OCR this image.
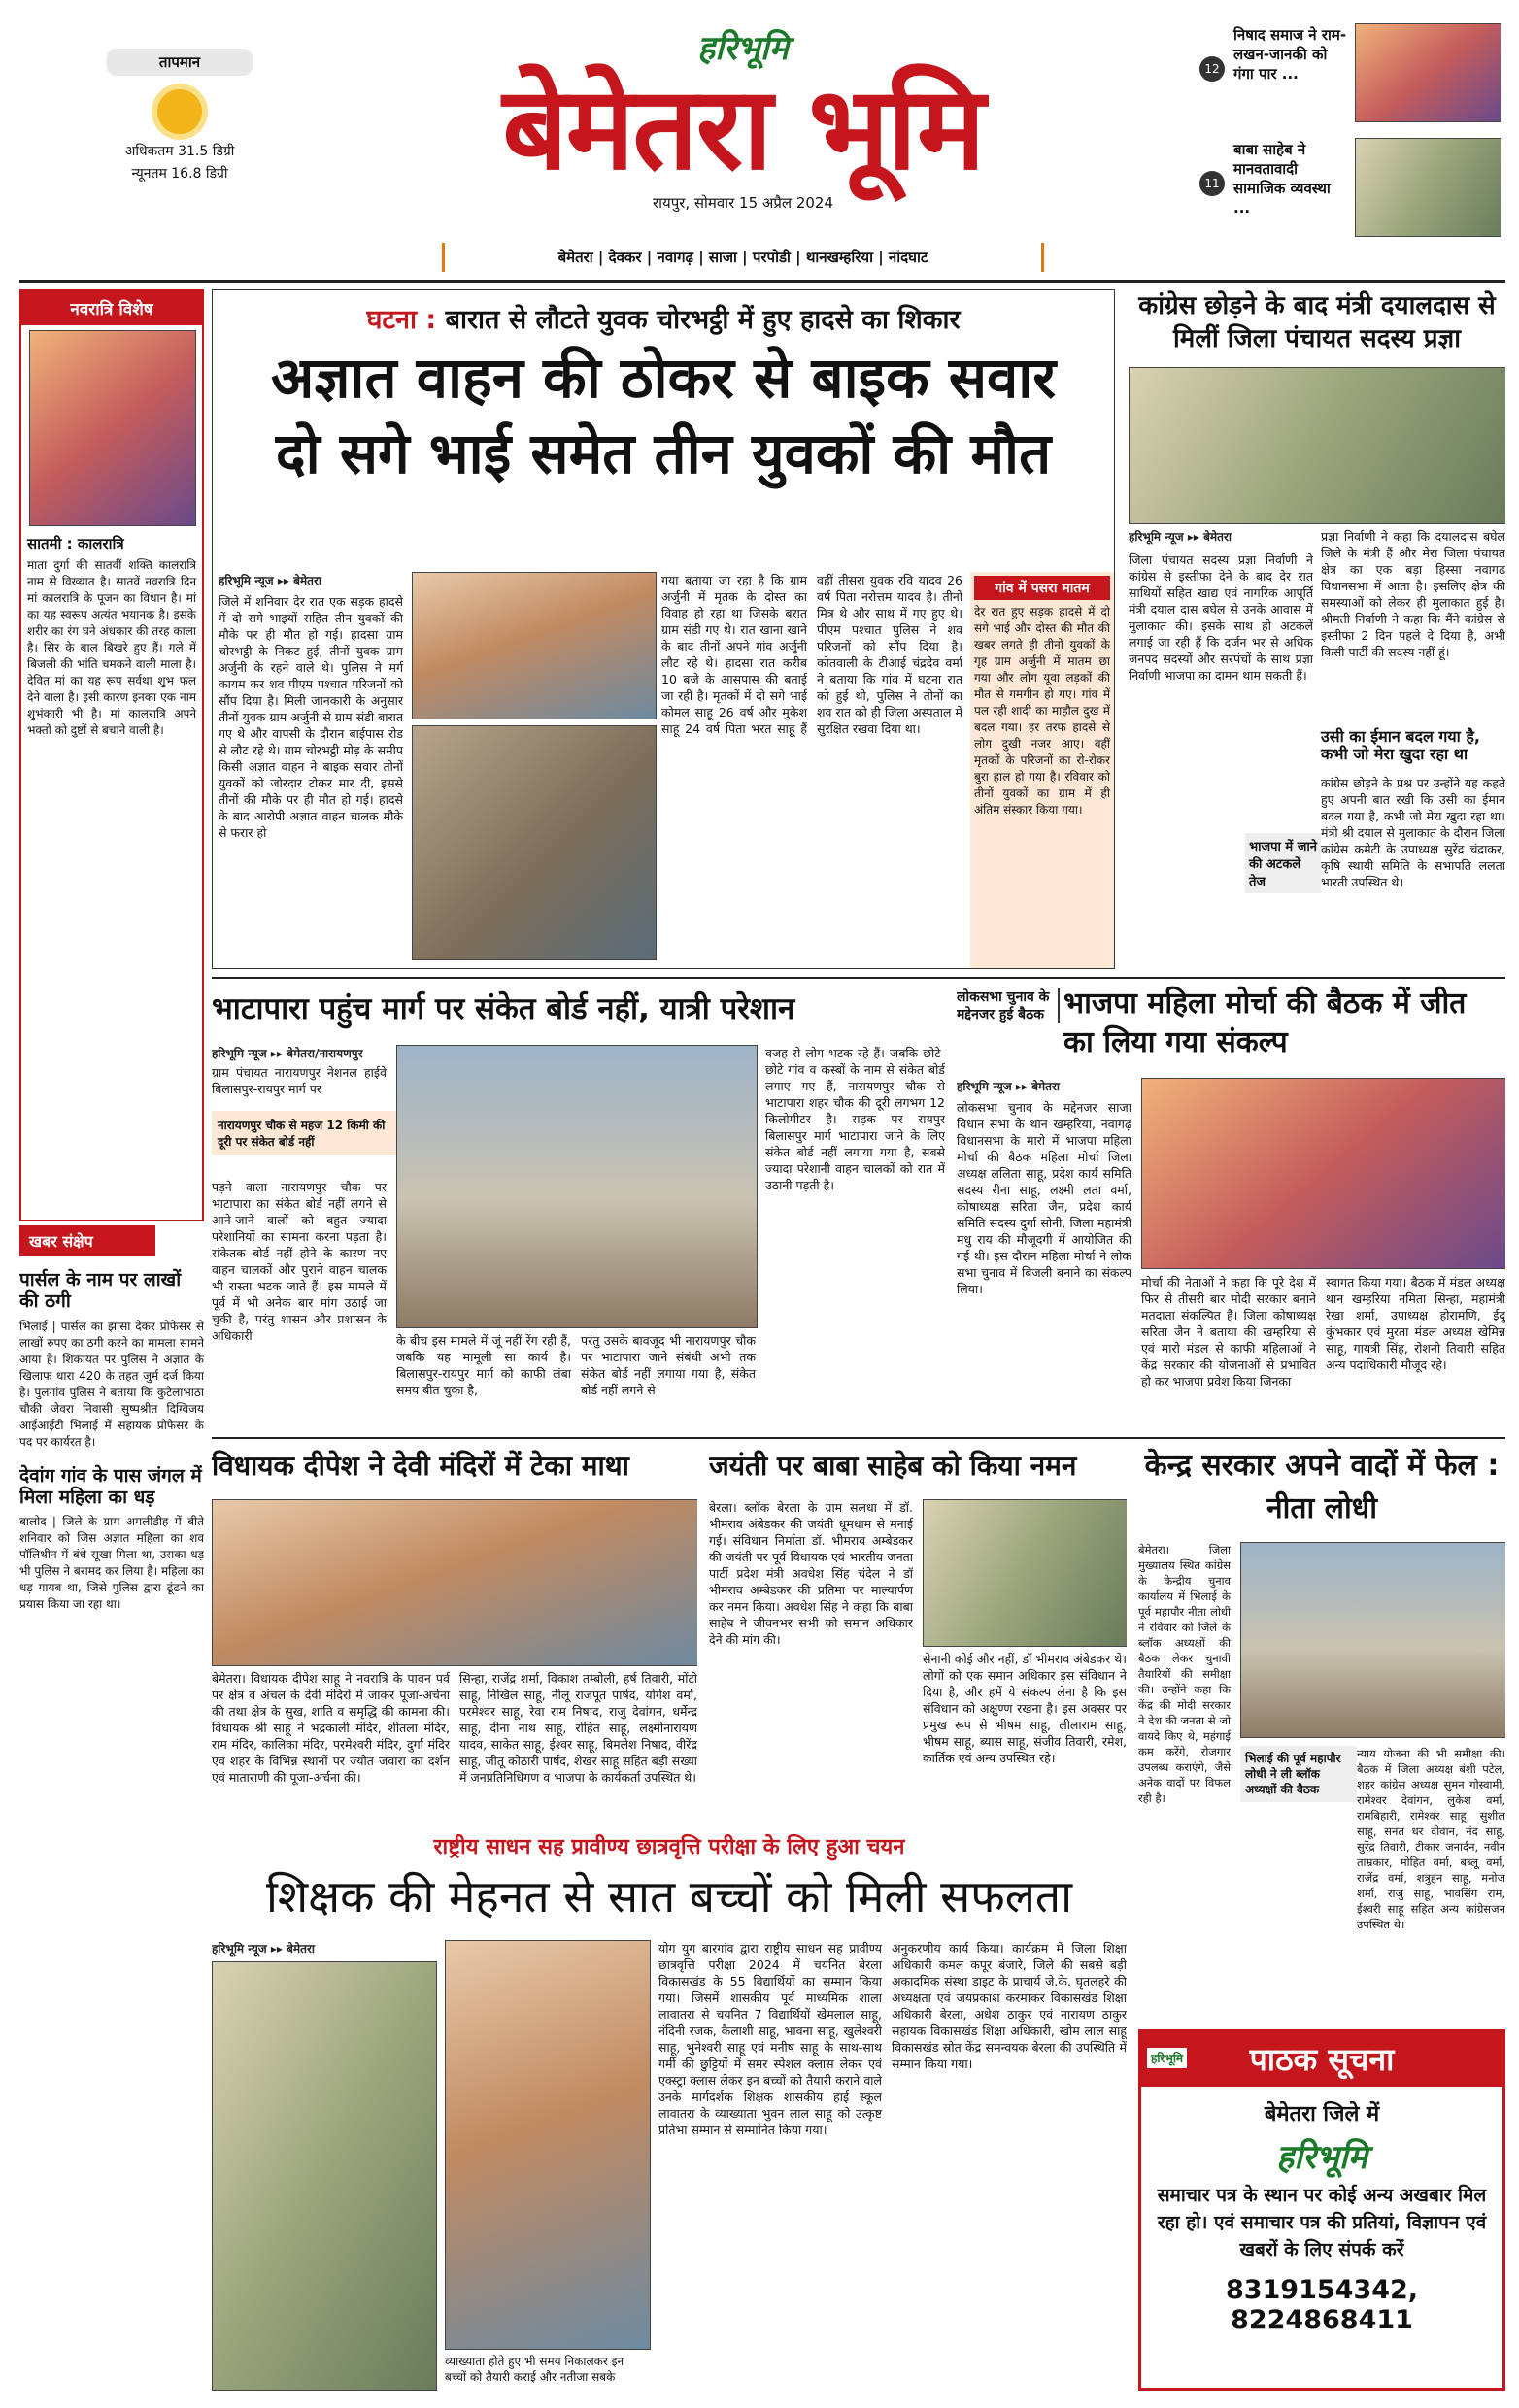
तापमान
अधिकतम 31.5 डिग्री
न्यूनतम 16.8 डिग्री
हरिभूमि
बेमेतरा भूमि
रायपुर, सोमवार 15 अप्रैल 2024
12
निषाद समाज ने राम-लखन-जानकी को गंगा पार ...
11
बाबा साहेब ने मानवतावादी सामाजिक व्यवस्था ...
बेमेतरा | देवकर | नवागढ़ | साजा | परपोडी | थानखम्हरिया | नांदघाट
नवरात्रि विशेष
सातमी : कालरात्रि
माता दुर्गा की सातवीं शक्ति कालरात्रि नाम से विख्यात है। सातवें नवरात्रि दिन मां कालरात्रि के पूजन का विधान है। मां का यह स्वरूप अत्यंत भयानक है। इसके शरीर का रंग घने अंधकार की तरह काला है। सिर के बाल बिखरे हुए हैं। गले में बिजली की भांति चमकने वाली माला है। देवित मां का यह रूप सर्वथा शुभ फल देने वाला है। इसी कारण इनका एक नाम शुभंकारी भी है। मां कालरात्रि अपने भक्तों को दुष्टों से बचाने वाली है।
खबर संक्षेप
पार्सल के नाम पर लाखों की ठगी
भिलाई | पार्सल का झांसा देकर प्रोफेसर से लाखों रुपए का ठगी करने का मामला सामने आया है। शिकायत पर पुलिस ने अज्ञात के खिलाफ धारा 420 के तहत जुर्म दर्ज किया है। पुलगांव पुलिस ने बताया कि कुटेलाभाठा चौकी जेवरा निवासी सुष्पश्रीत दिग्विजय आईआईटी भिलाई में सहायक प्रोफेसर के पद पर कार्यरत है।
देवांग गांव के पास जंगल में मिला महिला का धड़
बालोद | जिले के ग्राम अमलीडीह में बीते शनिवार को जिस अज्ञात महिला का शव पॉलिथीन में बंधे सूखा मिला था, उसका धड़ भी पुलिस ने बरामद कर लिया है। महिला का धड़ गायब था, जिसे पुलिस द्वारा ढूंढने का प्रयास किया जा रहा था।
घटना : बारात से लौटते युवक चोरभट्ठी में हुए हादसे का शिकार
अज्ञात वाहन की ठोकर से बाइक सवार
दो सगे भाई समेत तीन युवकों की मौत
हरिभूमि न्यूज ▸▸ बेमेतरा
जिले में शनिवार देर रात एक सड़क हादसे में दो सगे भाइयों सहित तीन युवकों की मौके पर ही मौत हो गई। हादसा ग्राम चोरभट्ठी के निकट हुई, तीनों युवक ग्राम अर्जुनी के रहने वाले थे। पुलिस ने मर्ग कायम कर शव पीएम पश्चात परिजनों को सौंप दिया है। मिली जानकारी के अनुसार तीनों युवक ग्राम अर्जुनी से ग्राम संडी बारात गए थे और वापसी के दौरान बाईपास रोड से लौट रहे थे। ग्राम चोरभट्ठी मोड़ के समीप किसी अज्ञात वाहन ने बाइक सवार तीनों युवकों को जोरदार टोकर मार दी, इससे तीनों की मौके पर ही मौत हो गई। हादसे के बाद आरोपी अज्ञात वाहन चालक मौके से फरार हो
गया बताया जा रहा है कि ग्राम अर्जुनी में मृतक के दोस्त का विवाह हो रहा था जिसके बरात ग्राम संडी गए थे। रात खाना खाने के बाद तीनों अपने गांव अर्जुनी लौट रहे थे। हादसा रात करीब 10 बजे के आसपास की बताई जा रही है। मृतकों में दो सगे भाई कोमल साहू 26 वर्ष और मुकेश साहू 24 वर्ष पिता भरत साहू हैं वहीं तीसरा युवक रवि यादव 26 वर्ष पिता नरोत्तम यादव है। तीनों मित्र थे और साथ में गए हुए थे। पीएम पश्चात पुलिस ने शव परिजनों को सौंप दिया है। कोतवाली के टीआई चंद्रदेव वर्मा ने बताया कि गांव में घटना रात को हुई थी, पुलिस ने तीनों का शव रात को ही जिला अस्पताल में सुरक्षित रखवा दिया था।
गांव में पसरा मातम
देर रात हुए सड़क हादसे में दो सगे भाई और दोस्त की मौत की खबर लगते ही तीनों युवकों के गृह ग्राम अर्जुनी में मातम छा गया और लोग यूवा लड़कों की मौत से गमगीन हो गए। गांव में पल रही शादी का माहौल दुख में बदल गया। हर तरफ हादसे से लोग दुखी नजर आए। वहीं मृतकों के परिजनों का रो-रोकर बुरा हाल हो गया है। रविवार को तीनों युवकों का ग्राम में ही अंतिम संस्कार किया गया।
कांग्रेस छोड़ने के बाद मंत्री दयालदास से मिलीं जिला पंचायत सदस्य प्रज्ञा
हरिभूमि न्यूज ▸▸ बेमेतरा
जिला पंचायत सदस्य प्रज्ञा निर्वाणी ने कांग्रेस से इस्तीफा देने के बाद देर रात साथियों सहित खाद्य एवं नागरिक आपूर्ति मंत्री दयाल दास बघेल से उनके आवास में मुलाकात की। इसके साथ ही अटकलें लगाई जा रही हैं कि दर्जन भर से अधिक जनपद सदस्यों और सरपंचों के साथ प्रज्ञा निर्वाणी भाजपा का दामन थाम सकती हैं।
भाजपा में जाने की अटकलें तेज
प्रज्ञा निर्वाणी ने कहा कि दयालदास बघेल जिले के मंत्री हैं और मेरा जिला पंचायत क्षेत्र का एक बड़ा हिस्सा नवागढ़ विधानसभा में आता है। इसलिए क्षेत्र की समस्याओं को लेकर ही मुलाकात हुई है। श्रीमती निर्वाणी ने कहा कि मैंने कांग्रेस से इस्तीफा 2 दिन पहले दे दिया है, अभी किसी पार्टी की सदस्य नहीं हूं।
उसी का ईमान बदल गया है, कभी जो मेरा खुदा रहा था
कांग्रेस छोड़ने के प्रश्न पर उन्होंने यह कहते हुए अपनी बात रखी कि उसी का ईमान बदल गया है, कभी जो मेरा खुदा रहा था। मंत्री श्री दयाल से मुलाकात के दौरान जिला कांग्रेस कमेटी के उपाध्यक्ष सुरेंद्र चंद्राकर, कृषि स्थायी समिति के सभापति ललता भारती उपस्थित थे।
भाटापारा पहुंच मार्ग पर संकेत बोर्ड नहीं, यात्री परेशान
हरिभूमि न्यूज ▸▸ बेमेतरा/नारायणपुर
ग्राम पंचायत नारायणपुर नेशनल हाईवे बिलासपुर-रायपुर मार्ग पर
नारायणपुर चौक से महज 12 किमी की दूरी पर संकेत बोर्ड नहीं
पड़ने वाला नारायणपुर चौक पर भाटापारा का संकेत बोर्ड नहीं लगने से आने-जाने वालों को बहुत ज्यादा परेशानियों का सामना करना पड़ता है। संकेतक बोर्ड नहीं होने के कारण नए वाहन चालकों और पुराने वाहन चालक भी रास्ता भटक जाते हैं। इस मामले में पूर्व में भी अनेक बार मांग उठाई जा चुकी है, परंतु शासन और प्रशासन के अधिकारी	के बीच इस मामले में जूं नहीं रेंग रही हैं, जबकि यह मामूली सा कार्य है। बिलासपुर-रायपुर मार्ग को काफी लंबा समय बीत चुका है,
परंतु उसके बावजूद भी नारायणपुर चौक पर भाटापारा जाने संबंधी अभी तक संकेत बोर्ड नहीं लगाया गया है, संकेत बोर्ड नहीं लगने से
वजह से लोग भटक रहे हैं। जबकि छोटे-छोटे गांव व कस्बों के नाम से संकेत बोर्ड लगाए गए हैं, नारायणपुर चौक से भाटापारा शहर चौक की दूरी लगभग 12 किलोमीटर है। सड़क पर रायपुर बिलासपुर मार्ग भाटापारा जाने के लिए संकेत बोर्ड नहीं लगाया गया है, सबसे ज्यादा परेशानी वाहन चालकों को रात में उठानी पड़ती है।
लोकसभा चुनाव के मद्देनजर हुई बैठक भाजपा महिला मोर्चा की बैठक में जीत का लिया गया संकल्प
हरिभूमि न्यूज ▸▸ बेमेतरा
लोकसभा चुनाव के मद्देनजर साजा विधान सभा के थान खम्हरिया, नवागढ़ विधानसभा के मारो में भाजपा महिला मोर्चा की बैठक महिला मोर्चा जिला अध्यक्ष ललिता साहू, प्रदेश कार्य समिति सदस्य रीना साहू, लक्ष्मी लता वर्मा, कोषाध्यक्ष सरिता जैन, प्रदेश कार्य समिति सदस्य दुर्गा सोनी, जिला महामंत्री मधु राय की मौजूदगी में आयोजित की गई थी। इस दौरान महिला मोर्चा ने लोक सभा चुनाव में बिजली बनाने का संकल्प लिया।	मोर्चा की नेताओं ने कहा कि पूरे देश में फिर से तीसरी बार मोदी सरकार बनाने मतदाता संकल्पित है। जिला कोषाध्यक्ष सरिता जैन ने बताया की खम्हरिया से एवं मारो मंडल से काफी महिलाओं ने केंद्र सरकार की योजनाओं से प्रभावित हो कर भाजपा प्रवेश किया जिनका
स्वागत किया गया। बैठक में मंडल अध्यक्ष थान खम्हरिया नमिता सिन्हा, महामंत्री रेखा शर्मा, उपाध्यक्ष होरामणि, ईदु कुंभकार एवं मुरता मंडल अध्यक्ष खेमिन्न साहू, गायत्री सिंह, रोशनी तिवारी सहित अन्य पदाधिकारी मौजूद रहे।
विधायक दीपेश ने देवी मंदिरों में टेका माथा
बेमेतरा। विधायक दीपेश साहू ने नवरात्रि के पावन पर्व पर क्षेत्र व अंचल के देवी मंदिरों में जाकर पूजा-अर्चना की तथा क्षेत्र के सुख, शांति व समृद्धि की कामना की। विधायक श्री साहू ने भद्रकाली मंदिर, शीतला मंदिर, राम मंदिर, कालिका मंदिर, परमेश्वरी मंदिर, दुर्गा मंदिर एवं शहर के विभिन्न स्थानों पर ज्योत जंवारा का दर्शन एवं माताराणी की पूजा-अर्चना की।
सिन्हा, राजेंद्र शर्मा, विकाश तम्बोली, हर्ष तिवारी, मोंटी साहू, निखिल साहू, नीलू राजपूत पार्षद, योगेश वर्मा, परमेश्वर साहू, रेवा राम निषाद, राजु देवांगन, धर्मेन्द्र साहू, दीना नाथ साहू, रोहित साहू, लक्ष्मीनारायण यादव, साकेत साहू, ईश्वर साहू, बिमलेश निषाद, वीरेंद्र साहू, जीतू कोठारी पार्षद, शेखर साहू सहित बड़ी संख्या में जनप्रतिनिधिगण व भाजपा के कार्यकर्ता उपस्थित थे।
जयंती पर बाबा साहेब को किया नमन
बेरला। ब्लॉक बेरला के ग्राम सलधा में डॉ. भीमराव अंबेडकर की जयंती धूमधाम से मनाई गई। संविधान निर्माता डॉ. भीमराव अम्बेडकर की जयंती पर पूर्व विधायक एवं भारतीय जनता पार्टी प्रदेश मंत्री अवधेश सिंह चंदेल ने डॉ भीमराव अम्बेडकर की प्रतिमा पर माल्यार्पण कर नमन किया। अवधेश सिंह ने कहा कि बाबा साहेब ने जीवनभर सभी को समान अधिकार देने की मांग की।
सेनानी कोई और नहीं, डॉ भीमराव अंबेडकर थे। लोगों को एक समान अधिकार इस संविधान ने दिया है, और हमें ये संकल्प लेना है कि इस संविधान को अक्षुण्ण रखना है। इस अवसर पर प्रमुख रूप से भीषम साहू, लीलाराम साहू, भीषम साहू, ब्यास साहू, संजीव तिवारी, रमेश, कार्तिक एवं अन्य उपस्थित रहे।
केन्द्र सरकार अपने वादों में फेल : नीता लोधी
बेमेतरा। जिला मुख्यालय स्थित कांग्रेस के केन्द्रीय चुनाव कार्यालय में भिलाई के पूर्व महापौर नीता लोधी ने रविवार को जिले के ब्लॉक अध्यक्षों की बैठक लेकर चुनावी तैयारियों की समीक्षा की। उन्होंने कहा कि केंद्र की मोदी सरकार ने देश की जनता से जो वायदे किए थे, महंगाई कम करेंगे, रोजगार उपलब्ध कराएंगे, जैसे अनेक वादों पर विफल रही है।
भिलाई की पूर्व महापौर लोधी ने ली ब्लॉक अध्यक्षों की बैठक
न्याय योजना की भी समीक्षा की। बैठक में जिला अध्यक्ष बंशी पटेल, शहर कांग्रेस अध्यक्ष सुमन गोस्वामी, रामेश्वर देवांगन, लुकेश वर्मा, रामबिहारी, रामेश्वर साहू, सुशील साहू, सनत धर दीवान, नंद साहू, सुरेंद्र तिवारी, टीकार जनार्दन, नवीन ताम्रकार, मोहित वर्मा, बब्लू वर्मा, राजेंद्र वर्मा, शत्रुहन साहू, मनोज शर्मा, राजु साहू, भावसिंग राम, ईश्वरी साहू सहित अन्य कांग्रेसजन उपस्थित थे।
राष्ट्रीय साधन सह प्रावीण्य छात्रवृत्ति परीक्षा के लिए हुआ चयन
शिक्षक की मेहनत से सात बच्चों को मिली सफलता
हरिभूमि न्यूज ▸▸ बेमेतरा	योग युग बारगांव द्वारा राष्ट्रीय साधन सह प्रावीण्य छात्रवृत्ति परीक्षा 2024 में चयनित बेरला विकासखंड के 55 विद्यार्थियों का सम्मान किया गया। जिसमें शासकीय पूर्व माध्यमिक शाला लावातरा से चयनित 7 विद्यार्थियों खेमलाल साहू, नंदिनी रजक, कैलाशी साहू, भावना साहू, खुलेश्वरी साहू, भुनेश्वरी साहू एवं मनीष साहू के साथ-साथ गर्मी की छुट्टियों में समर स्पेशल क्लास लेकर एवं एक्स्ट्रा क्लास लेकर इन बच्चों को तैयारी कराने वाले उनके मार्गदर्शक शिक्षक शासकीय हाई स्कूल लावातरा के व्याख्याता भुवन लाल साहू को उत्कृष्ट प्रतिभा सम्मान से सम्मानित किया गया।
व्याख्याता होते हुए भी समय निकालकर इन बच्चों को तैयारी कराई और नतीजा सबके
अनुकरणीय कार्य किया। कार्यक्रम में जिला शिक्षा अधिकारी कमल कपूर बंजारे, जिले की सबसे बड़ी अकादमिक संस्था डाइट के प्राचार्य जे.के. घृतलहरे की अध्यक्षता एवं जयप्रकाश करमाकर विकासखंड शिक्षा अधिकारी बेरला, अधेश ठाकुर एवं नारायण ठाकुर सहायक विकासखंड शिक्षा अधिकारी, खोम लाल साहू विकासखंड स्रोत केंद्र समन्वयक बेरला की उपस्थिति में सम्मान किया गया।	हरिभूमि पाठक सूचना
बेमेतरा जिले में
हरिभूमि
समाचार पत्र के स्थान पर कोई अन्य अखबार मिल रहा हो। एवं समाचार पत्र की प्रतियां, विज्ञापन एवं खबरों के लिए संपर्क करें
8319154342, 8224868411
